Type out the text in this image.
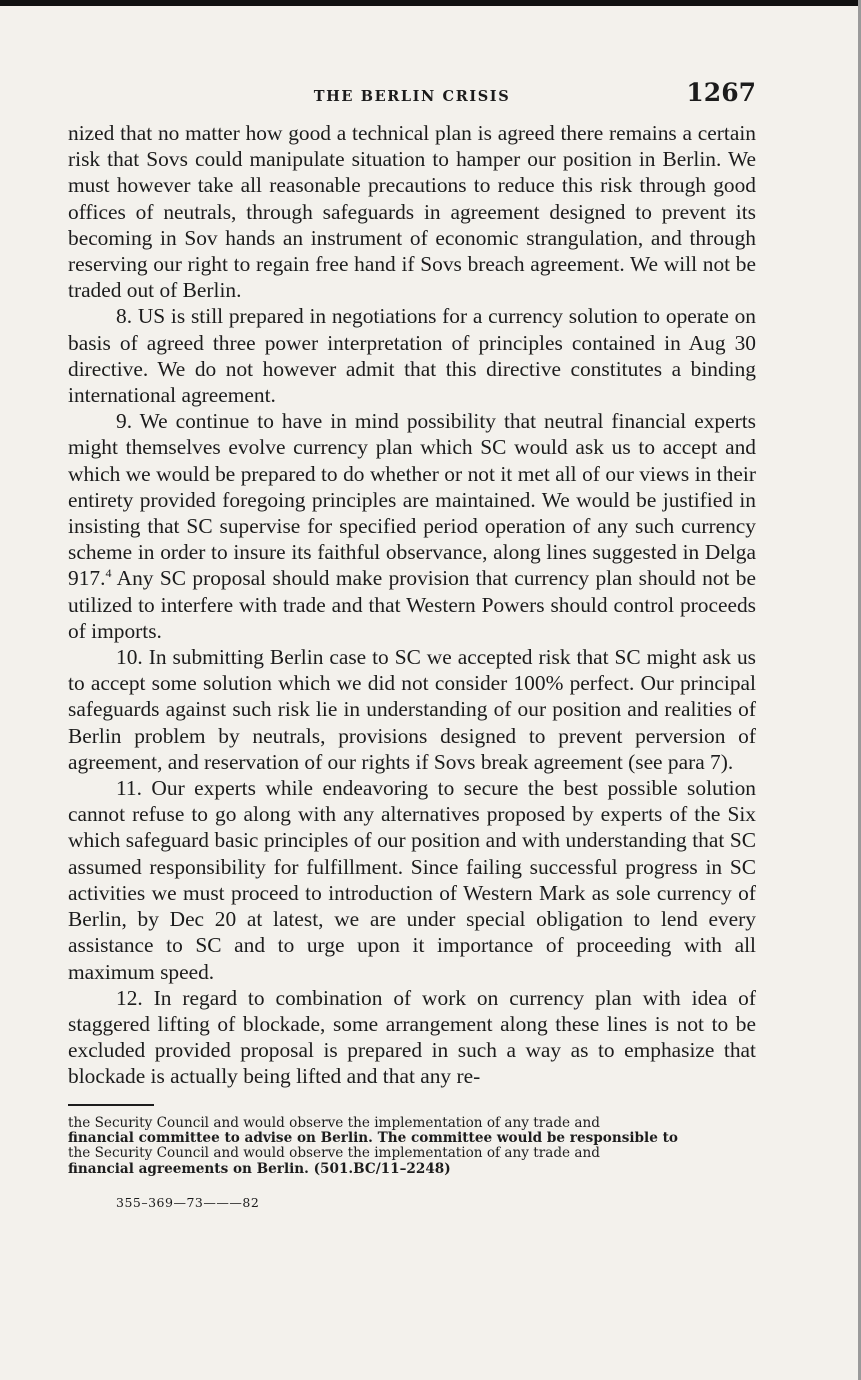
THE BERLIN CRISIS	1267

nized that no matter how good a technical plan is agreed there remains a certain risk that Sovs could manipulate situation to hamper our position in Berlin. We must however take all reasonable precautions to reduce this risk through good offices of neutrals, through safeguards in agreement designed to prevent its becoming in Sov hands an instrument of economic strangulation, and through reserving our right to regain free hand if Sovs breach agreement. We will not be traded out of Berlin.

8. US is still prepared in negotiations for a currency solution to operate on basis of agreed three power interpretation of principles contained in Aug 30 directive. We do not however admit that this directive constitutes a binding international agreement.

9. We continue to have in mind possibility that neutral financial experts might themselves evolve currency plan which SC would ask us to accept and which we would be prepared to do whether or not it met all of our views in their entirety provided foregoing principles are maintained. We would be justified in insisting that SC supervise for specified period operation of any such currency scheme in order to insure its faithful observance, along lines suggested in Delga 917.$^4$ Any SC proposal should make provision that currency plan should not be utilized to interfere with trade and that Western Powers should control proceeds of imports.

10. In submitting Berlin case to SC we accepted risk that SC might ask us to accept some solution which we did not consider 100% perfect. Our principal safeguards against such risk lie in understanding of our position and realities of Berlin problem by neutrals, provisions designed to prevent perversion of agreement, and reservation of our rights if Sovs break agreement (see para 7).

11. Our experts while endeavoring to secure the best possible solution cannot refuse to go along with any alternatives proposed by experts of the Six which safeguard basic principles of our position and with understanding that SC assumed responsibility for fulfillment. Since failing successful progress in SC activities we must proceed to introduction of Western Mark as sole currency of Berlin, by Dec 20 at latest, we are under special obligation to lend every assistance to SC and to urge upon it importance of proceeding with all maximum speed.

12. In regard to combination of work on currency plan with idea of staggered lifting of blockade, some arrangement along these lines is not to be excluded provided proposal is prepared in such a way as to emphasize that blockade is actually being lifted and that any re-

the Security Council and would observe the implementation of any trade and

financial committee to advise on Berlin. The committee would be responsible to

the Security Council and would observe the implementation of any trade and

financial agreements on Berlin. (501.BC/11–2248)

355–369—73———82
